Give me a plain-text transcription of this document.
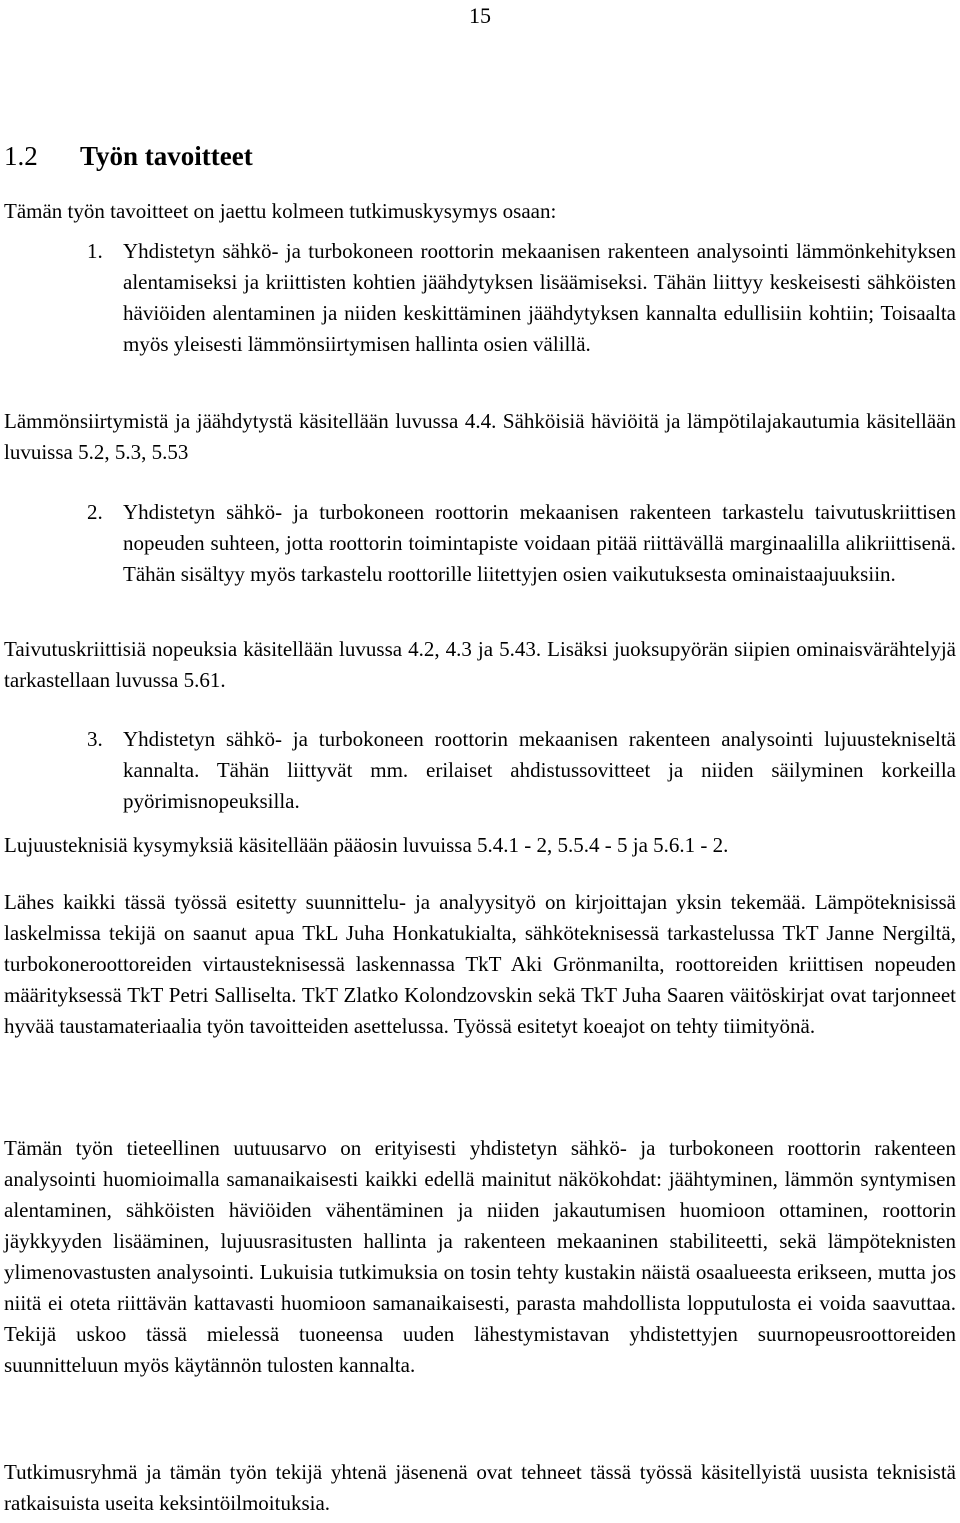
15
1.2 Työn tavoitteet

Tämän työn tavoitteet on jaettu kolmeen tutkimuskysymys osaan:

1. Yhdistetyn sähkö- ja turbokoneen roottorin mekaanisen rakenteen analysointi lämmönkehityksen alentamiseksi ja kriittisten kohtien jäähdytyksen lisäämiseksi. Tähän liittyy keskeisesti sähköisten häviöiden alentaminen ja niiden keskittäminen jäähdytyksen kannalta edullisiin kohtiin; Toisaalta myös yleisesti lämmönsiirtymisen hallinta osien välillä.

Lämmönsiirtymistä ja jäähdytystä käsitellään luvussa 4.4. Sähköisiä häviöitä ja lämpötilajakautumia käsitellään luvuissa 5.2, 5.3, 5.53

2. Yhdistetyn sähkö- ja turbokoneen roottorin mekaanisen rakenteen tarkastelu taivutuskriittisen nopeuden suhteen, jotta roottorin toimintapiste voidaan pitää riittävällä marginaalilla alikriittisenä. Tähän sisältyy myös tarkastelu roottorille liitettyjen osien vaikutuksesta ominaistaajuuksiin.

Taivutuskriittisiä nopeuksia käsitellään luvussa 4.2, 4.3 ja 5.43. Lisäksi juoksupyörän siipien ominaisvärähtelyjä tarkastellaan luvussa 5.61.

3. Yhdistetyn sähkö- ja turbokoneen roottorin mekaanisen rakenteen analysointi lujuustekniseltä kannalta. Tähän liittyvät mm. erilaiset ahdistussovitteet ja niiden säilyminen korkeilla pyörimisnopeuksilla.

Lujuusteknisiä kysymyksiä käsitellään pääosin luvuissa 5.4.1 - 2, 5.5.4 - 5 ja 5.6.1 - 2.

Lähes kaikki tässä työssä esitetty suunnittelu- ja analyysityö on kirjoittajan yksin tekemää. Lämpöteknisissä laskelmissa tekijä on saanut apua TkL Juha Honkatukialta, sähköteknisessä tarkastelussa TkT Janne Nergiltä, turbokoneroottoreiden virtausteknisessä laskennassa TkT Aki Grönmanilta, roottoreiden kriittisen nopeuden määrityksessä TkT Petri Salliselta. TkT Zlatko Kolondzovskin sekä TkT Juha Saaren väitöskirjat ovat tarjonneet hyvää taustamateriaalia työn tavoitteiden asettelussa. Työssä esitetyt koeajot on tehty tiimityönä.

Tämän työn tieteellinen uutuusarvo on erityisesti yhdistetyn sähkö- ja turbokoneen roottorin rakenteen analysointi huomioimalla samanaikaisesti kaikki edellä mainitut näkökohdat: jäähtyminen, lämmön syntymisen alentaminen, sähköisten häviöiden vähentäminen ja niiden jakautumisen huomioon ottaminen, roottorin jäykkyyden lisääminen, lujuusrasitusten hallinta ja rakenteen mekaaninen stabiliteetti, sekä lämpöteknisten ylimenovastusten analysointi. Lukuisia tutkimuksia on tosin tehty kustakin näistä osaalueesta erikseen, mutta jos niitä ei oteta riittävän kattavasti huomioon samanaikaisesti, parasta mahdollista lopputulosta ei voida saavuttaa. Tekijä uskoo tässä mielessä tuoneensa uuden lähestymistavan yhdistettyjen suurnopeusroottoreiden suunnitteluun myös käytännön tulosten kannalta.

Tutkimusryhmä ja tämän työn tekijä yhtenä jäsenenä ovat tehneet tässä työssä käsitellyistä uusista teknisistä ratkaisuista useita keksintöilmoituksia.
